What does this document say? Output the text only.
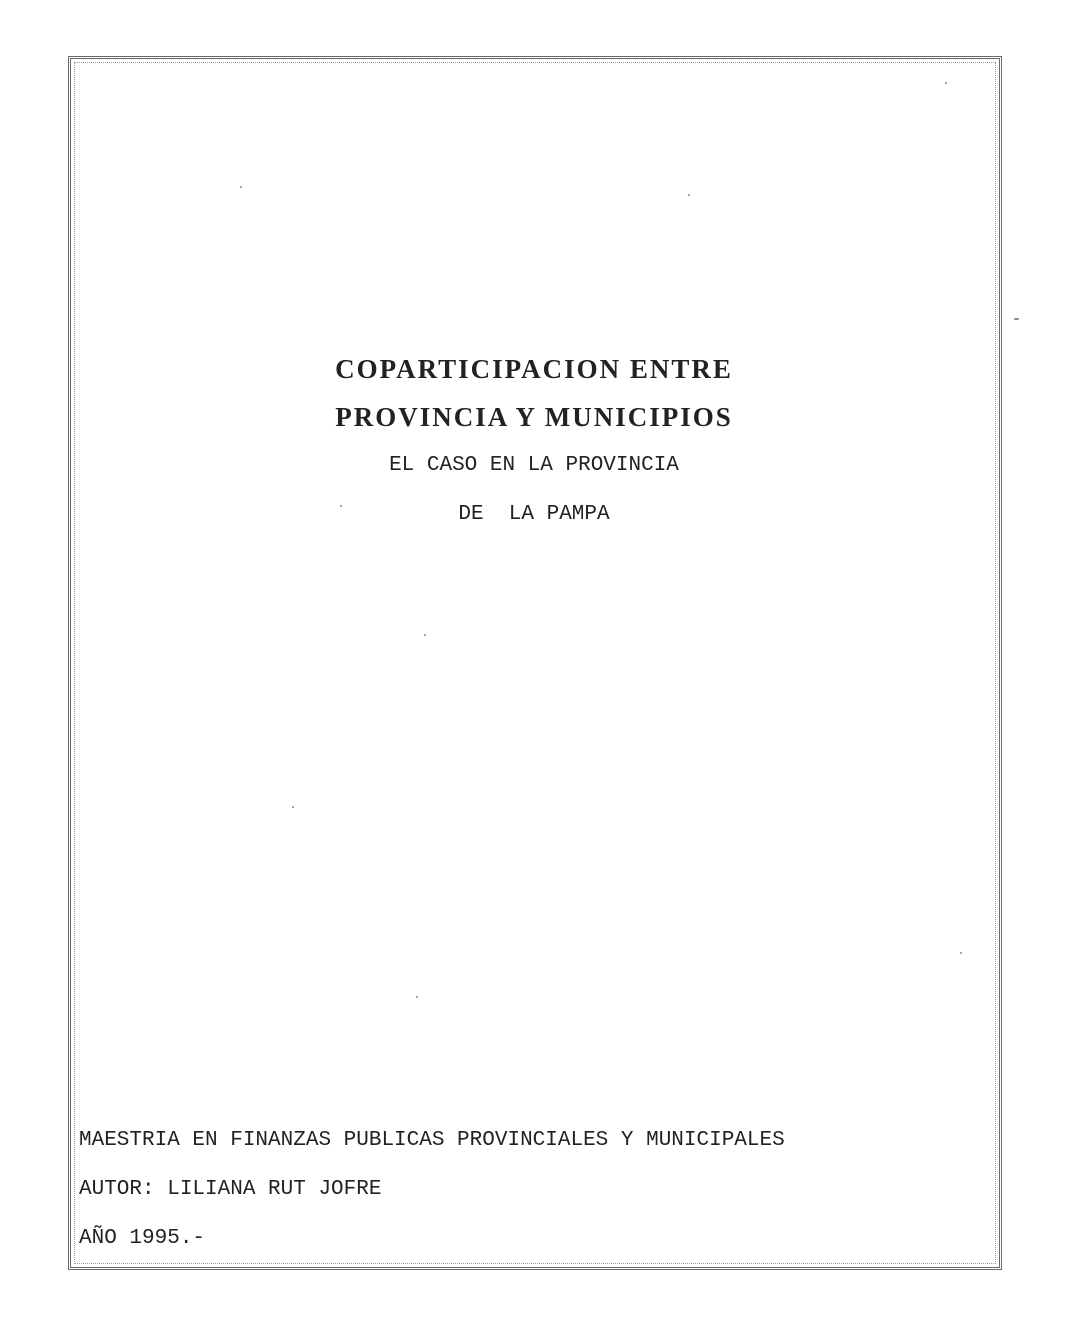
COPARTICIPACION ENTRE
PROVINCIA Y MUNICIPIOS
EL CASO EN LA PROVINCIA
DE  LA PAMPA
MAESTRIA EN FINANZAS PUBLICAS PROVINCIALES Y MUNICIPALES
AUTOR: LILIANA RUT JOFRE
AÑO 1995.-
